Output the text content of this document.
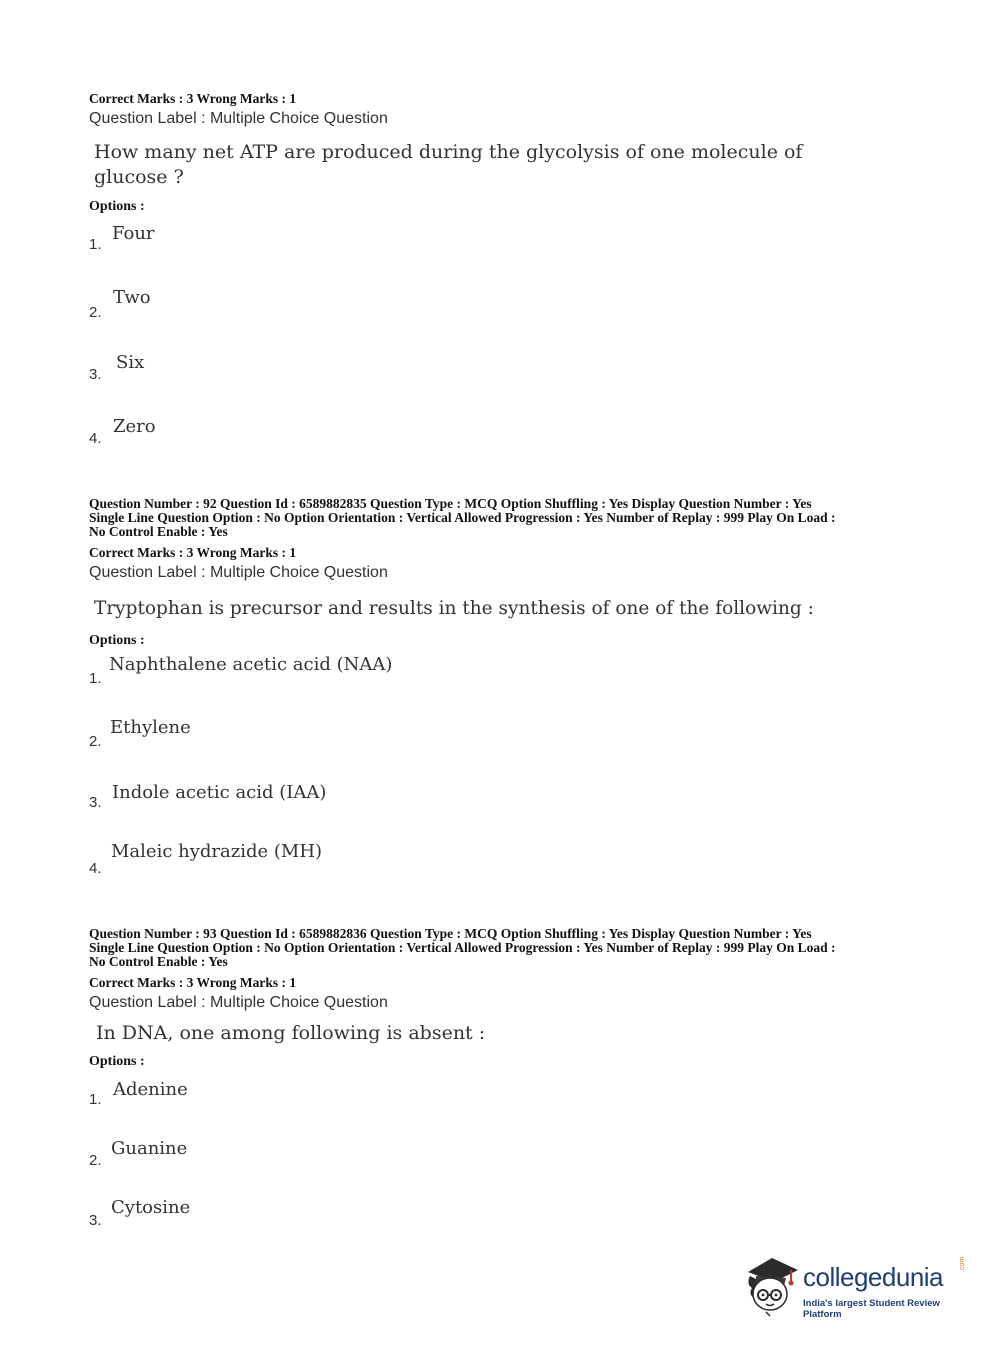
Correct Marks : 3 Wrong Marks : 1
Question Label : Multiple Choice Question
How many net ATP are produced during the glycolysis of one molecule of
glucose ?
Options :
1.
Four
2.
Two
3.
Six
4.
Zero
Question Number : 92 Question Id : 6589882835 Question Type : MCQ Option Shuffling : Yes Display Question Number : Yes
Single Line Question Option : No Option Orientation : Vertical Allowed Progression : Yes Number of Replay : 999 Play On Load :
No Control Enable : Yes
Correct Marks : 3 Wrong Marks : 1
Question Label : Multiple Choice Question
Tryptophan is precursor and results in the synthesis of one of the following :
Options :
1.
Naphthalene acetic acid (NAA)
2.
Ethylene
3. Indole acetic acid (IAA)
4.
Maleic hydrazide (MH)
Question Number : 93 Question Id : 6589882836 Question Type : MCQ Option Shuffling : Yes Display Question Number : Yes
Single Line Question Option : No Option Orientation : Vertical Allowed Progression : Yes Number of Replay : 999 Play On Load :
No Control Enable : Yes
Correct Marks : 3 Wrong Marks : 1
Question Label : Multiple Choice Question
In DNA, one among following is absent :
Options :
1. Adenine
2.
Guanine
3.
Cytosine
collegedunia .com
India's largest Student Review Platform
